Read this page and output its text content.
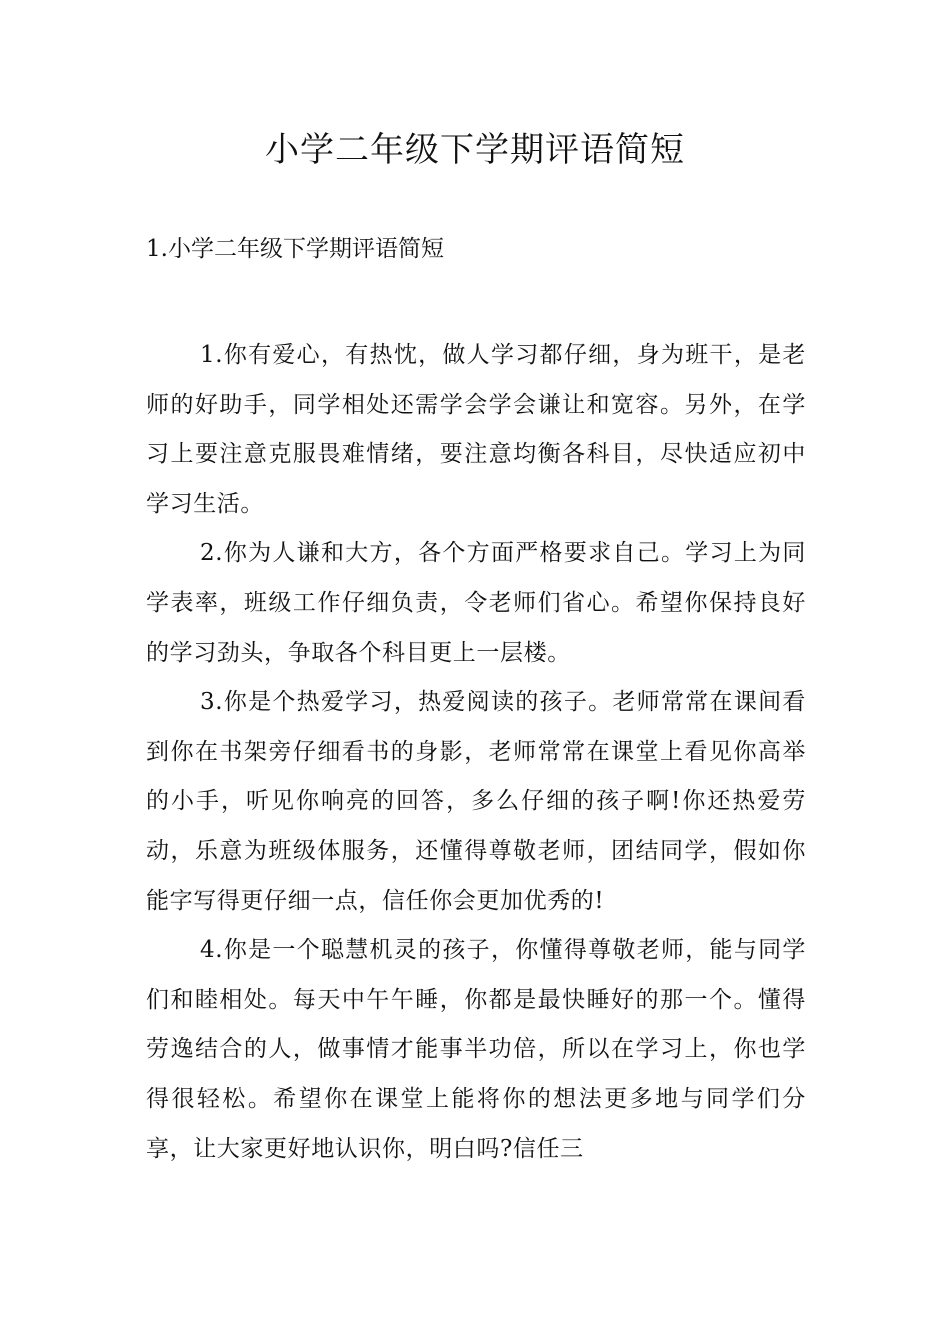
小学二年级下学期评语简短
1.小学二年级下学期评语简短

1.你有爱心，有热忱，做人学习都仔细，身为班干，是老师的好助手，同学相处还需学会学会谦让和宽容。另外，在学习上要注意克服畏难情绪，要注意均衡各科目，尽快适应初中学习生活。

2.你为人谦和大方，各个方面严格要求自己。学习上为同学表率，班级工作仔细负责，令老师们省心。希望你保持良好的学习劲头，争取各个科目更上一层楼。

3.你是个热爱学习，热爱阅读的孩子。老师常常在课间看到你在书架旁仔细看书的身影，老师常常在课堂上看见你高举的小手，听见你响亮的回答，多么仔细的孩子啊!你还热爱劳动，乐意为班级体服务，还懂得尊敬老师，团结同学，假如你能字写得更仔细一点，信任你会更加优秀的!

4.你是一个聪慧机灵的孩子，你懂得尊敬老师，能与同学们和睦相处。每天中午午睡，你都是最快睡好的那一个。懂得劳逸结合的人，做事情才能事半功倍，所以在学习上，你也学得很轻松。希望你在课堂上能将你的想法更多地与同学们分享，让大家更好地认识你，明白吗?信任三
